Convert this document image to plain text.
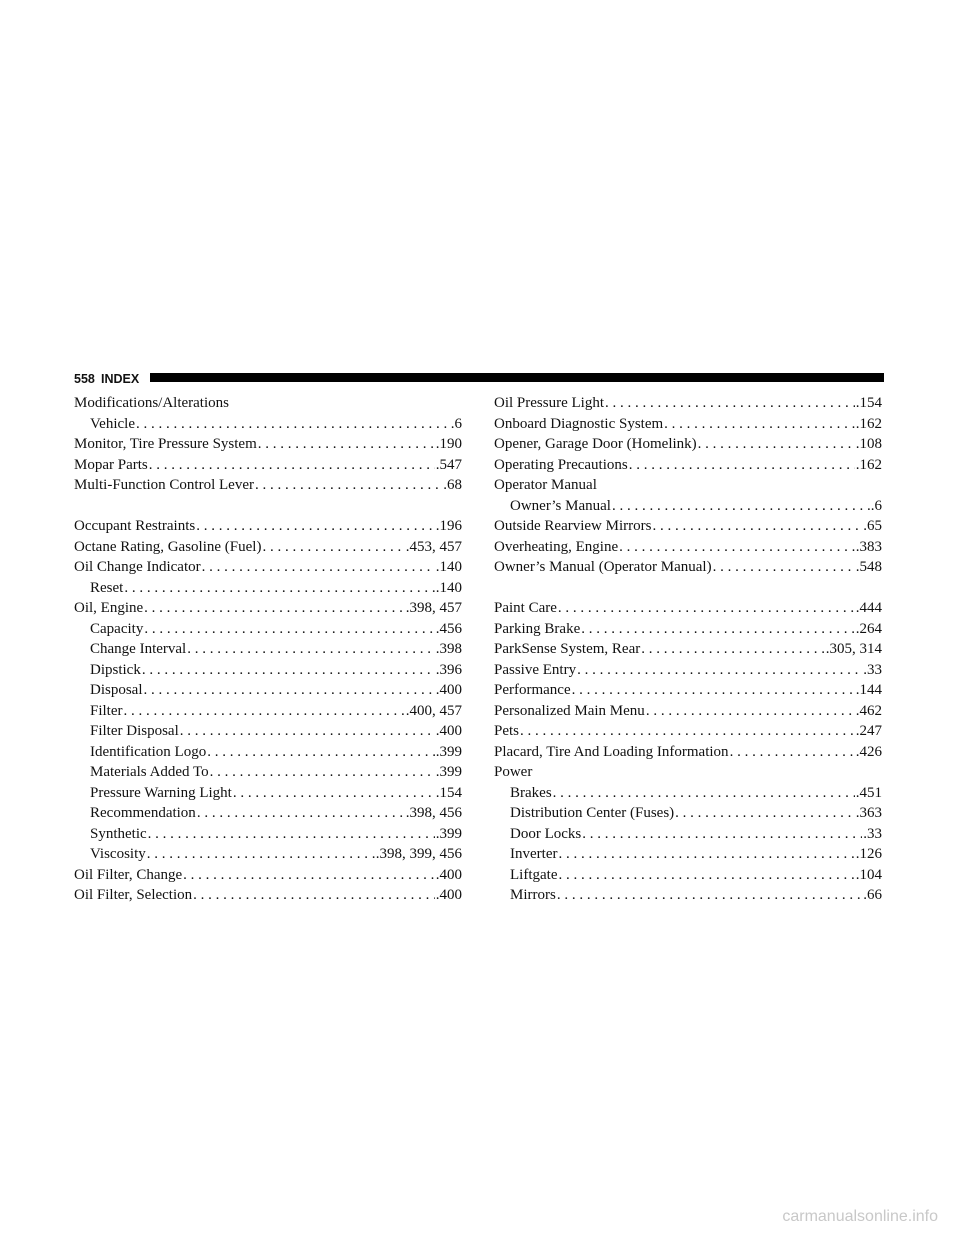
558 INDEX
Modifications/Alterations
Vehicle . . .	.6
Monitor, Tire Pressure System . . .	.190
Mopar Parts . . .	.547
Multi-Function Control Lever . . .	.68
Occupant Restraints . . .	.196
Octane Rating, Gasoline (Fuel) . . .	.453, 457
Oil Change Indicator . . .	.140
Reset . . .	.140
Oil, Engine . . .	.398, 457
Capacity . . .	.456
Change Interval . . .	.398
Dipstick . . .	.396
Disposal . . .	.400
Filter . . .	.400, 457
Filter Disposal . . .	.400
Identification Logo . . .	.399
Materials Added To . . .	.399
Pressure Warning Light . . .	.154
Recommendation . . .	.398, 456
Synthetic . . .	.399
Viscosity . . .	.398, 399, 456
Oil Filter, Change . . .	.400
Oil Filter, Selection . . .	.400
Oil Pressure Light . . .	.154
Onboard Diagnostic System . . .	.162
Opener, Garage Door (Homelink) . . .	.108
Operating Precautions . . .	.162
Operator Manual
Owner’s Manual . . .	.6
Outside Rearview Mirrors . . .	.65
Overheating, Engine . . .	.383
Owner’s Manual (Operator Manual) . . .	.548
Paint Care . . .	.444
Parking Brake . . .	.264
ParkSense System, Rear . . .	.305, 314
Passive Entry . . .	.33
Performance . . .	.144
Personalized Main Menu . . .	.462
Pets . . .	.247
Placard, Tire And Loading Information . . .	.426
Power
Brakes . . .	.451
Distribution Center (Fuses) . . .	.363
Door Locks . . .	.33
Inverter . . .	.126
Liftgate . . .	.104
Mirrors . . .	.66
carmanualsonline.info
